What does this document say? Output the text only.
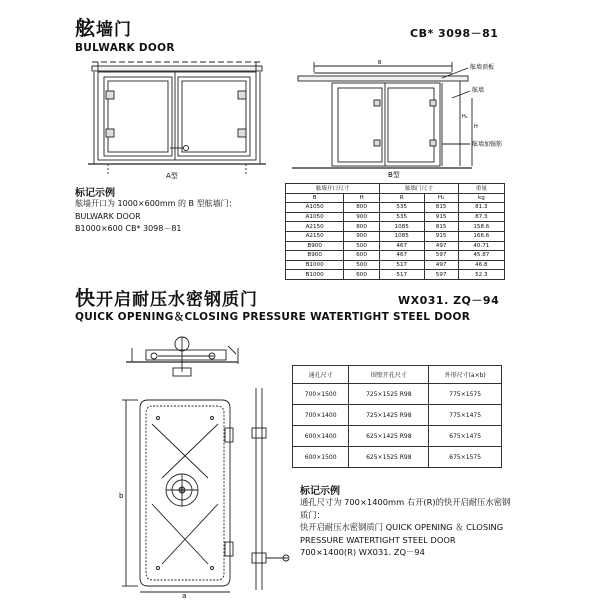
舷墙门	CB* 3098－81
BULWARK DOOR
A型
舷墙顶板
舷墙
舷墙加强筋
B
H₁
H
B型
标记示例
舷墙开口为 1000×600mm 的 B 型舷墙门：
BULWARK DOOR
B1000×600 CB* 3098－81
舷墙开口尺寸		舷墙门尺寸		重量
B	H	R	H₁	kg
A1050	800	535	815	81.3
A1050	900	535	915	87.3
A2150	800	1085	815	158.6
A2150	900	1085	915	166.6
B900	500	467	497	40.71
B900	600	467	597	45.87
B1000	500	517	497	46.8
B1000	600	517	597	52.3
快开启耐压水密钢质门	WX031. ZQ－94
QUICK OPENING＆CLOSING PRESSURE WATERTIGHT STEEL DOOR
b
a
通孔尺寸	围壁开孔尺寸	外形尺寸(a×b)
700×1500	725×1525 R98	775×1575
700×1400	725×1425 R98	775×1475
600×1400	625×1425 R98	675×1475
600×1500	625×1525 R98	675×1575
标记示例
通孔尺寸为 700×1400mm 右开(R)的快开启耐压水密钢
质门：
快开启耐压水密钢质门 QUICK OPENING ＆ CLOSING
PRESSURE WATERTIGHT STEEL DOOR
700×1400(R) WX031. ZQ－94
